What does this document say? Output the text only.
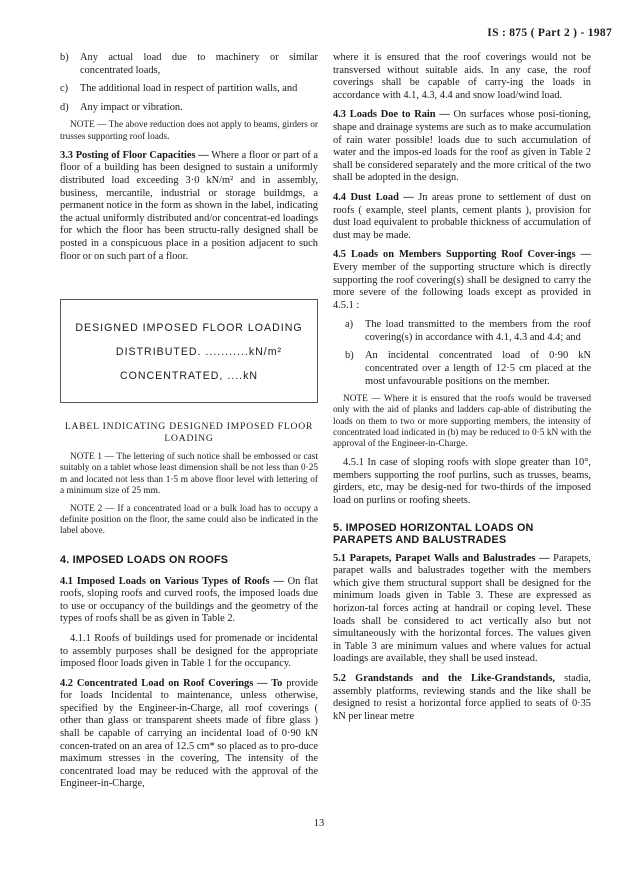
IS : 875 ( Part 2 ) - 1987
b)	Any actual load due to machinery or similar concentrated loads,
c)	The additional load in respect of partition walls, and
d)	Any impact or vibration.

NOTE — The above reduction does not apply to beams, girders or trusses supporting roof loads.

3.3 Posting of Floor Capacities — Where a floor or part of a floor of a building has been designed to sustain a uniformly distributed load exceeding 3·0 kN/m² and in assembly, business, mercantile, industrial or storage buildmgs, a permanent notice in the form as shown in the label, indicating the actual uniformly distributed and/or concentrat-ed loadings for which the floor has been structu-rally designed shall be posted in a conspicuous place in a position adjacent to such floor or on such part of a floor.

DESIGNED IMPOSED FLOOR LOADING
DISTRIBUTED. ...........kN/m²
CONCENTRATED, ....kN
LABEL INDICATING DESIGNED IMPOSED FLOOR LOADING

NOTE 1 — The lettering of such notice shall be embossed or cast suitably on a tablet whose least dimension shall be not less than 0·25 m and located not less than 1·5 m above floor level with lettering of a minimum size of 25 mm.

NOTE 2 — If a concentrated load or a bulk load has to occupy a definite position on the floor, the same could also be indicated in the label above.

4. IMPOSED LOADS ON ROOFS

4.1 Imposed Loads on Various Types of Roofs — On flat roofs, sloping roofs and curved roofs, the imposed loads due to use or occupancy of the buildings and the geometry of the types of roofs shall be as given in Table 2.

4.1.1 Roofs of buildings used for promenade or incidental to assembly purposes shall be designed for the appropriate imposed floor loads given in Table 1 for the occupancy.

4.2 Concentrated Load on Roof Coverings — To provide for loads Incidental to maintenance, unless otherwise, specified by the Engineer-in-Charge, all roof coverings ( other than glass or transparent sheets made of fibre glass ) shall be capable of carrying an incidental load of 0·90 kN concen-trated on an area of 12.5 cm* so placed as to pro-duce maximum stresses in the covering, The intensity of the concentrated load may be reduced with the approval of the Engineer-in-Charge,

where it is ensured that the roof coverings would not be transversed without suitable aids. In any case, the roof coverings shall be capable of carry-ing the loads in accordance with 4.1, 4.3, 4.4 and snow load/wind load.

4.3 Loads Doe to Rain — On surfaces whose posi-tioning, shape and drainage systems are such as to make accumulation of rain water possible! loads due to such accumulation of water and the impos-ed loads for the roof as given in Table 2 shall be considered separately and the more critical of the two shall be adopted in the design.

4.4 Dust Load — Jn areas prone to settlement of dust on roofs ( example, steel plants, cement plants ), provision for dust load equivalent to probable thickness of accumulation of dust may be made.

4.5 Loads on Members Supporting Roof Cover-ings — Every member of the supporting structure which is directly supporting the roof covering(s) shall be designed to carry the more severe of the following loads except as provided in 4.5.1 :

a)	The load transmitted to the members from the roof covering(s) in accordance with 4.1, 4.3 and 4.4; and
b)	An incidental concentrated load of 0·90 kN concentrated over a length of 12·5 cm placed at the most unfavourable positions on the member.

NOTE — Where it is ensured that the roofs would be traversed only with the aid of planks and ladders cap-able of distributing the loads on them to two or more supporting members, the intensity of concentrated load indicated in (b) may be reduced to 0·5 kN with the approval of the Engineer-in-Charge.

4.5.1 In case of sloping roofs with slope greater than 10°, members supporting the roof purlins, such as trusses, beams, girders, etc, may be desig-ned for two-thirds of the imposed load on purlins or roofing sheets.

5. IMPOSED HORIZONTAL LOADS ON PARAPETS AND BALUSTRADES

5.1 Parapets, Parapet Walls and Balustrades — Parapets, parapet walls and balustrades together with the members which give them structural support shall be designed for the minimum loads given in Table 3. These are expressed as horizon-tal forces acting at handrail or coping level. These loads shall be considered to act vertically also but not simultaneously with the horizontal forces. The values given in Table 3 are minimum values and where values for actual loadings are available, they shall be used instead.

5.2 Grandstands and the Like-Grandstands, stadia, assembly platforms, reviewing stands and the like shall be designed to resist a horizontal force applied to seats of 0·35 kN per linear metre

13
